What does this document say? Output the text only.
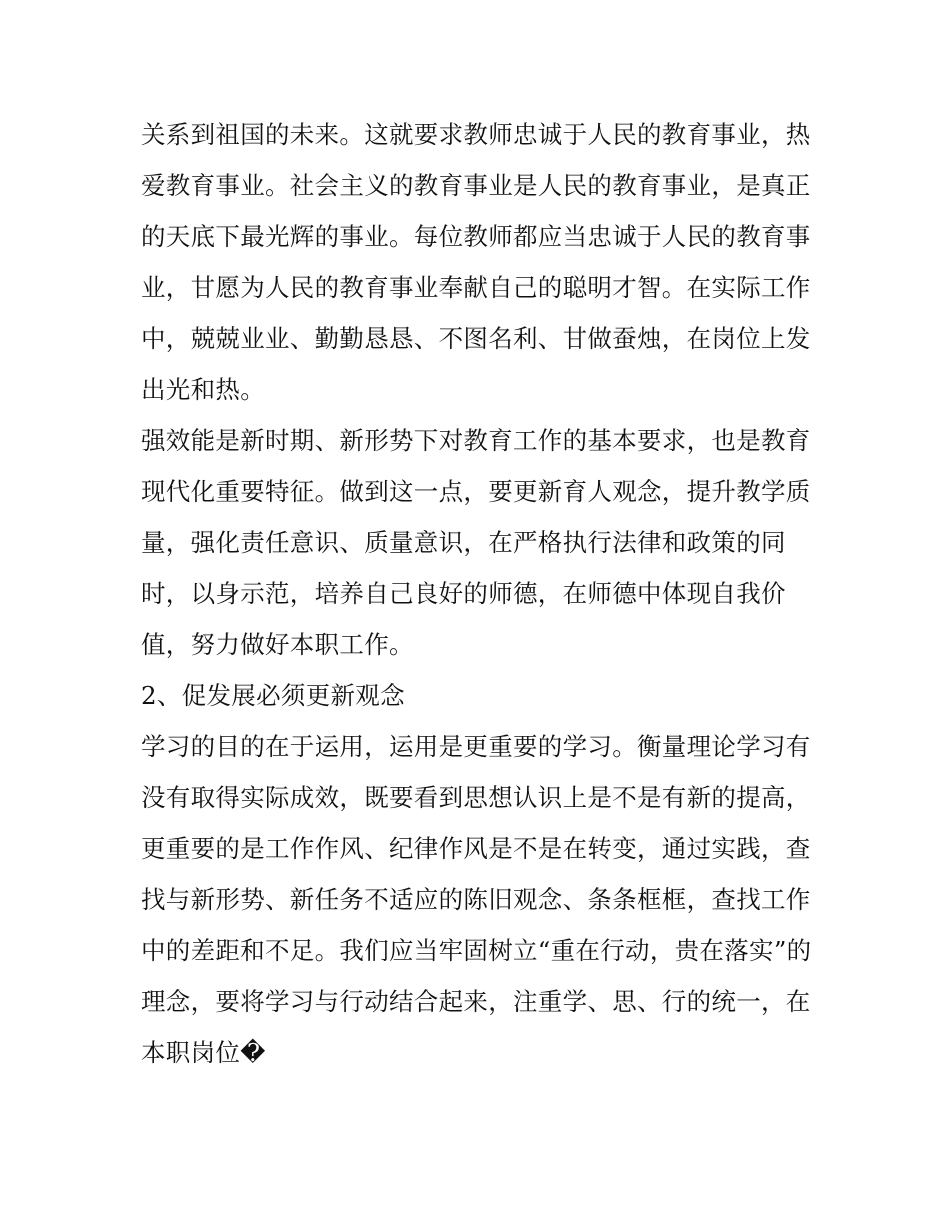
关系到祖国的未来。这就要求教师忠诚于人民的教育事业，热
爱教育事业。社会主义的教育事业是人民的教育事业，是真正
的天底下最光辉的事业。每位教师都应当忠诚于人民的教育事
业，甘愿为人民的教育事业奉献自己的聪明才智。在实际工作
中，兢兢业业、勤勤恳恳、不图名利、甘做蚕烛，在岗位上发
出光和热。
强效能是新时期、新形势下对教育工作的基本要求，也是教育
现代化重要特征。做到这一点，要更新育人观念，提升教学质
量，强化责任意识、质量意识，在严格执行法律和政策的同
时，以身示范，培养自己良好的师德，在师德中体现自我价
值，努力做好本职工作。
2、促发展必须更新观念
学习的目的在于运用，运用是更重要的学习。衡量理论学习有
没有取得实际成效，既要看到思想认识上是不是有新的提高，
更重要的是工作作风、纪律作风是不是在转变，通过实践，查
找与新形势、新任务不适应的陈旧观念、条条框框，查找工作
中的差距和不足。我们应当牢固树立“重在行动，贵在落实”的
理念，要将学习与行动结合起来，注重学、思、行的统一，在
本职岗位�
